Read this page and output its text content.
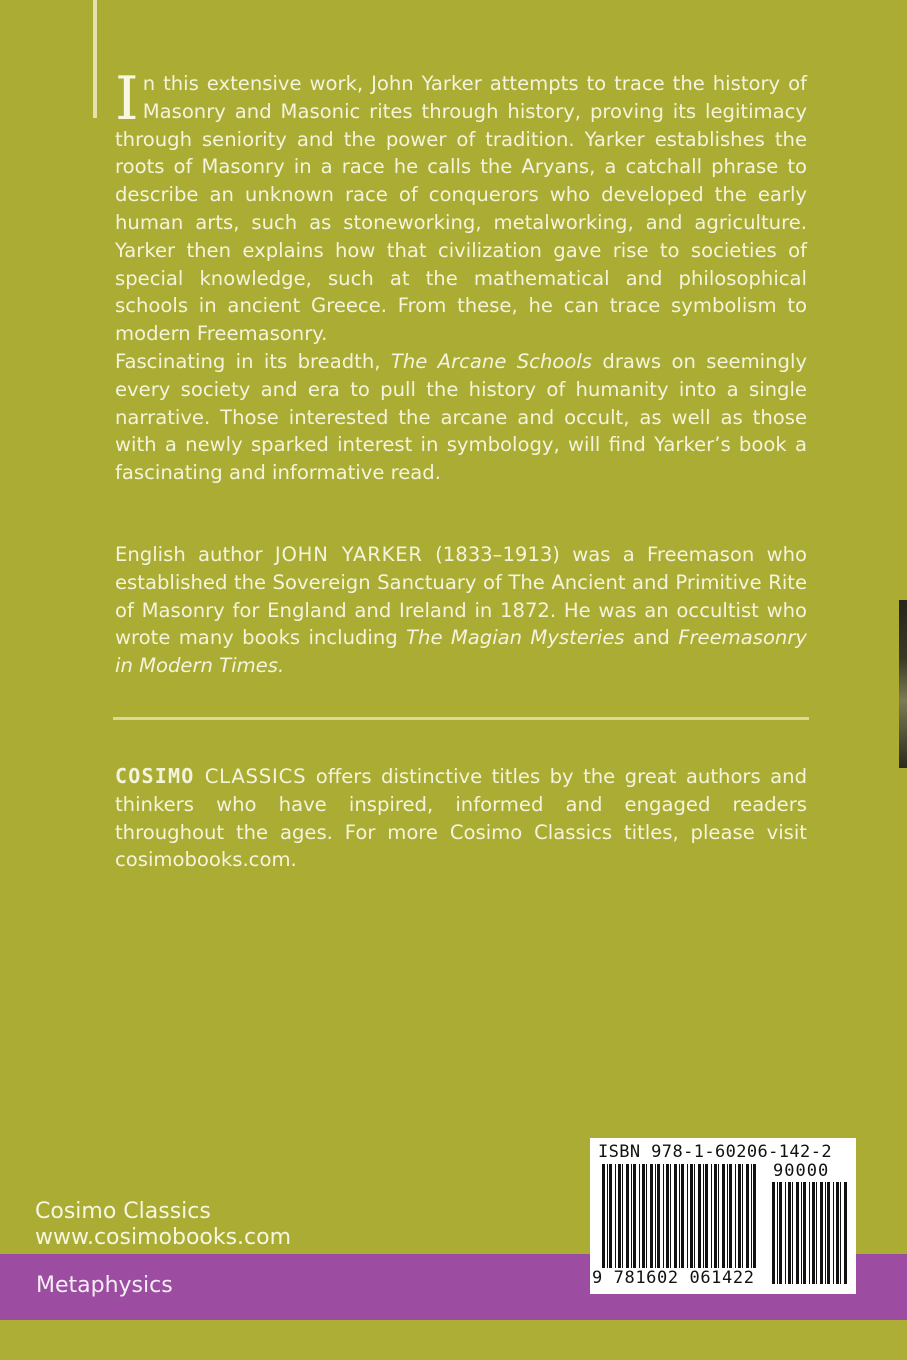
In this extensive work, John Yarker attempts to trace the history of Masonry and Masonic rites through history, proving its legitimacy through seniority and the power of tradition. Yarker establishes the roots of Masonry in a race he calls the Aryans, a catchall phrase to describe an unknown race of conquerors who developed the early human arts, such as stoneworking, metalworking, and agriculture. Yarker then explains how that civilization gave rise to societies of special knowledge, such at the mathematical and philosophical schools in ancient Greece. From these, he can trace symbolism to modern Freemasonry.

Fascinating in its breadth, The Arcane Schools draws on seemingly every society and era to pull the history of humanity into a single narrative. Those interested the arcane and occult, as well as those with a newly sparked interest in symbology, will find Yarker’s book a fascinating and informative read.

English author JOHN YARKER (1833–1913) was a Freemason who established the Sovereign Sanctuary of The Ancient and Primitive Rite of Masonry for England and Ireland in 1872. He was an occultist who wrote many books including The Magian Mysteries and Freemasonry in Modern Times.

COSIMO CLASSICS offers distinctive titles by the great authors and thinkers who have inspired, informed and engaged readers throughout the ages. For more Cosimo Classics titles, please visit cosimobooks.com.

Cosimo Classics
www.cosimobooks.com
Metaphysics
ISBN 978-1-60206-142-2
90000
9 781602 061422
